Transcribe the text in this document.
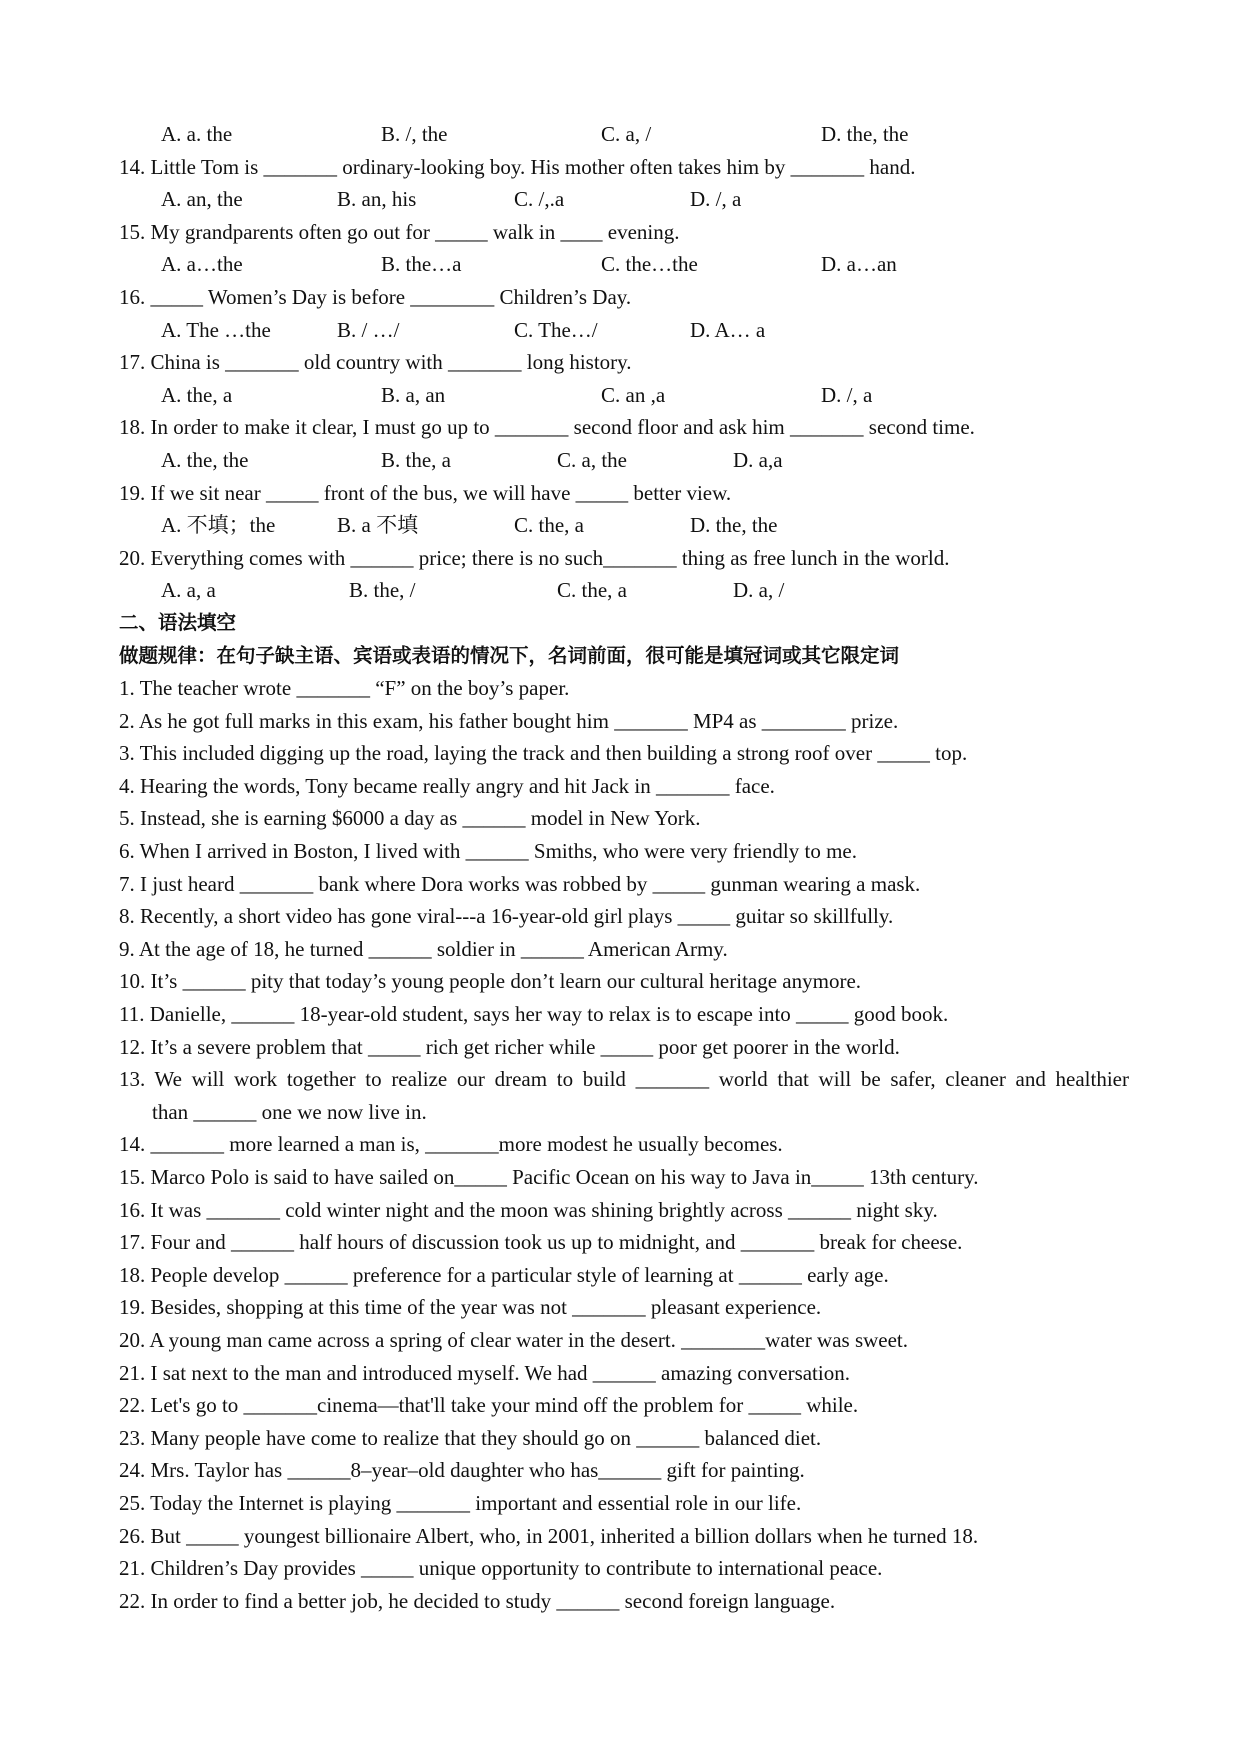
A. a. the	B. /, the	C. a, /	D. the, the
14. Little Tom is _______ ordinary-looking boy. His mother often takes him by _______ hand.
A. an, the	B. an, his	C. /,.a	D. /, a
15. My grandparents often go out for _____ walk in ____ evening.
A. a…the	B. the…a	C. the…the	D. a…an
16. _____ Women’s Day is before ________ Children’s Day.
A. The …the	B. / …/	C. The…/	D. A… a
17. China is _______ old country with _______ long history.
A. the, a	B. a, an	C. an ,a	D. /, a
18. In order to make it clear, I must go up to _______ second floor and ask him _______ second time.
A. the, the	B. the, a	C. a, the	D. a,a
19. If we sit near _____ front of the bus, we will have _____ better view.
A. 不填；the	B. a 不填	C. the, a	D. the, the
20. Everything comes with ______ price; there is no such_______ thing as free lunch in the world.
A. a, a	B. the, /	C. the, a	D. a, /
二、语法填空
做题规律：在句子缺主语、宾语或表语的情况下，名词前面，很可能是填冠词或其它限定词
1. The teacher wrote _______ “F” on the boy’s paper.
2. As he got full marks in this exam, his father bought him _______ MP4 as ________ prize.
3. This included digging up the road, laying the track and then building a strong roof over _____ top.
4. Hearing the words, Tony became really angry and hit Jack in _______ face.
5. Instead, she is earning $6000 a day as ______ model in New York.
6. When I arrived in Boston, I lived with ______ Smiths, who were very friendly to me.
7. I just heard _______ bank where Dora works was robbed by _____ gunman wearing a mask.
8. Recently, a short video has gone viral---a 16-year-old girl plays _____ guitar so skillfully.
9. At the age of 18, he turned ______ soldier in ______ American Army.
10. It’s ______ pity that today’s young people don’t learn our cultural heritage anymore.
11. Danielle, ______ 18-year-old student, says her way to relax is to escape into _____ good book.
12. It’s a severe problem that _____ rich get richer while _____ poor get poorer in the world.
13. We will work together to realize our dream to build _______ world that will be safer, cleaner and healthier
than ______ one we now live in.
14. _______ more learned a man is, _______more modest he usually becomes.
15. Marco Polo is said to have sailed on_____ Pacific Ocean on his way to Java in_____ 13th century.
16. It was _______ cold winter night and the moon was shining brightly across ______ night sky.
17. Four and ______ half hours of discussion took us up to midnight, and _______ break for cheese.
18. People develop ______ preference for a particular style of learning at ______ early age.
19. Besides, shopping at this time of the year was not _______ pleasant experience.
20. A young man came across a spring of clear water in the desert. ________water was sweet.
21. I sat next to the man and introduced myself. We had ______ amazing conversation.
22. Let's go to _______cinema—that'll take your mind off the problem for _____ while.
23. Many people have come to realize that they should go on ______ balanced diet.
24. Mrs. Taylor has ______8–year–old daughter who has______ gift for painting.
25. Today the Internet is playing _______ important and essential role in our life.
26. But _____ youngest billionaire Albert, who, in 2001, inherited a billion dollars when he turned 18.
21. Children’s Day provides _____ unique opportunity to contribute to international peace.
22. In order to find a better job, he decided to study ______ second foreign language.
